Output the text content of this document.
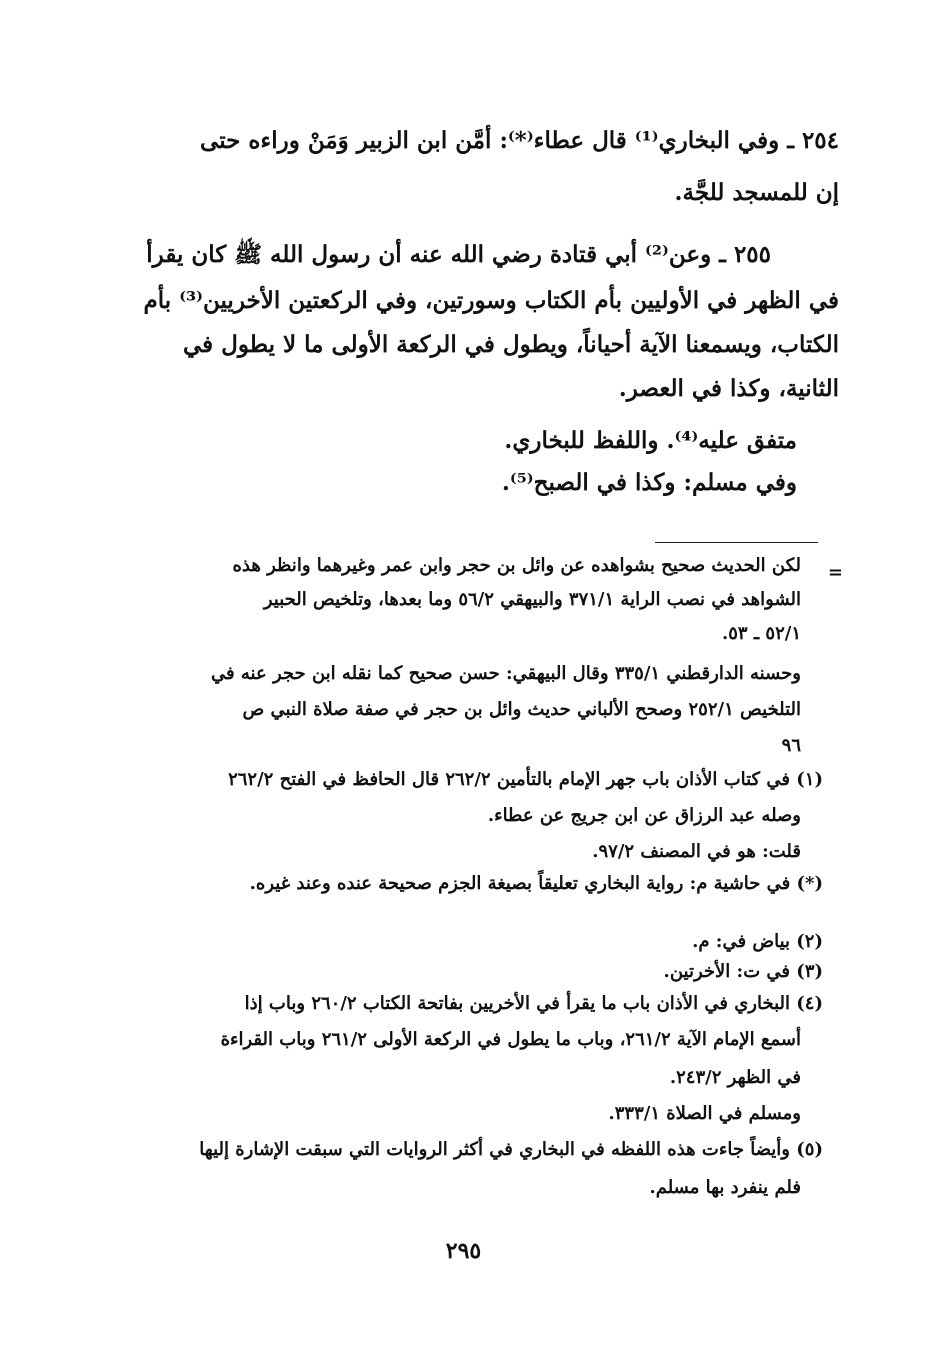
٢٥٤ ـ وفي البخاري⁽¹⁾ قال عطاء⁽*⁾: أمَّن ابن الزبير وَمَنْ وراءه حتى
إن للمسجد للجَّة.
٢٥٥ ـ وعن⁽²⁾ أبي قتادة رضي الله عنه أن رسول الله ﷺ كان يقرأ
في الظهر في الأوليين بأم الكتاب وسورتين، وفي الركعتين الأخريين⁽³⁾ بأم
الكتاب، ويسمعنا الآية أحياناً، ويطول في الركعة الأولى ما لا يطول في
الثانية، وكذا في العصر.
متفق عليه⁽⁴⁾. واللفظ للبخاري.
وفي مسلم: وكذا في الصبح⁽⁵⁾.
=
لكن الحديث صحيح بشواهده عن وائل بن حجر وابن عمر وغيرهما وانظر هذه
الشواهد في نصب الراية ٣٧١/١ والبيهقي ٥٦/٢ وما بعدها، وتلخيص الحبير
٥٢/١ ـ ٥٣.
وحسنه الدارقطني ٣٣٥/١ وقال البيهقي: حسن صحيح كما نقله ابن حجر عنه في
التلخيص ٢٥٢/١ وصحح الألباني حديث وائل بن حجر في صفة صلاة النبي ص
٩٦
(١) في كتاب الأذان باب جهر الإمام بالتأمين ٢٦٢/٢ قال الحافظ في الفتح ٢٦٢/٢
وصله عبد الرزاق عن ابن جريج عن عطاء.
قلت: هو في المصنف ٩٧/٢.
(*) في حاشية م: رواية البخاري تعليقاً بصيغة الجزم صحيحة عنده وعند غيره.
(٢) بياض في: م.
(٣) في ت: الأخرتين.
(٤) البخاري في الأذان باب ما يقرأ في الأخريين بفاتحة الكتاب ٢٦٠/٢ وباب إذا
أسمع الإمام الآية ٢٦١/٢، وباب ما يطول في الركعة الأولى ٢٦١/٢ وباب القراءة
في الظهر ٢٤٣/٢.
ومسلم في الصلاة ٣٣٣/١.
(٥) وأيضاً جاءت هذه اللفظه في البخاري في أكثر الروايات التي سبقت الإشارة إليها
فلم ينفرد بها مسلم.
٢٩٥
